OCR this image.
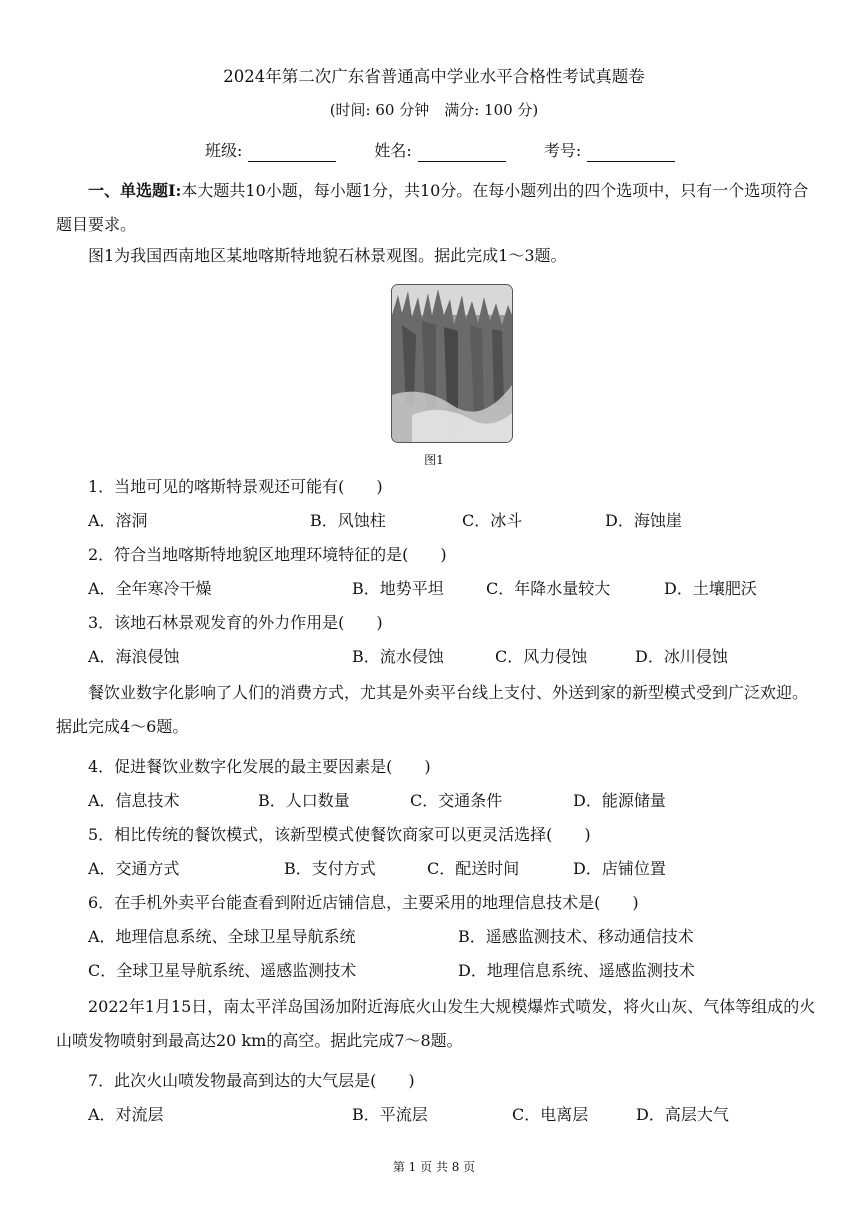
2024年第二次广东省普通高中学业水平合格性考试真题卷
(时间: 60 分钟　满分: 100 分)
班级:	姓名:	考号:
一、单选题Ⅰ:本大题共10小题，每小题1分，共10分。在每小题列出的四个选项中，只有一个选项符合题目要求。
图1为我国西南地区某地喀斯特地貌石林景观图。据此完成1～3题。
图1
1．当地可见的喀斯特景观还可能有(　　)
A．溶洞	B．风蚀柱	C．冰斗	D．海蚀崖
2．符合当地喀斯特地貌区地理环境特征的是(　　)
A．全年寒冷干燥	B．地势平坦	C．年降水量较大	D．土壤肥沃
3．该地石林景观发育的外力作用是(　　)
A．海浪侵蚀	B．流水侵蚀	C．风力侵蚀	D．冰川侵蚀
餐饮业数字化影响了人们的消费方式，尤其是外卖平台线上支付、外送到家的新型模式受到广泛欢迎。据此完成4～6题。
4．促进餐饮业数字化发展的最主要因素是(　　)
A．信息技术	B．人口数量	C．交通条件	D．能源储量
5．相比传统的餐饮模式，该新型模式使餐饮商家可以更灵活选择(　　)
A．交通方式	B．支付方式	C．配送时间	D．店铺位置
6．在手机外卖平台能查看到附近店铺信息，主要采用的地理信息技术是(　　)
A．地理信息系统、全球卫星导航系统	B．遥感监测技术、移动通信技术
C．全球卫星导航系统、遥感监测技术	D．地理信息系统、遥感监测技术
2022年1月15日，南太平洋岛国汤加附近海底火山发生大规模爆炸式喷发，将火山灰、气体等组成的火山喷发物喷射到最高达20 km的高空。据此完成7～8题。
7．此次火山喷发物最高到达的大气层是(　　)
A．对流层	B．平流层	C．电离层	D．高层大气
第 1 页 共 8 页
